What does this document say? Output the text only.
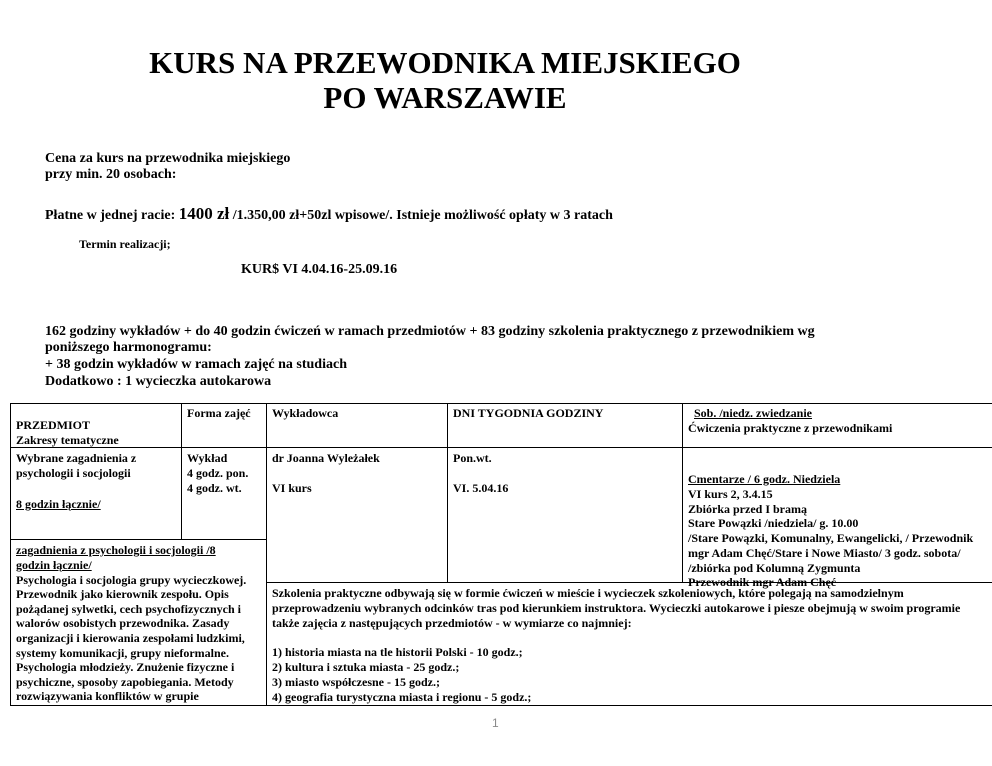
KURS NA PRZEWODNIKA MIEJSKIEGO
PO WARSZAWIE
Cena za kurs na przewodnika miejskiego
przy min. 20 osobach:
Płatne w jednej racie: 1400 zł /1.350,00 zł+50zl wpisowe/. Istnieje możliwość opłaty w 3 ratach
Termin realizacji;
KUR$ VI 4.04.16-25.09.16
162 godziny wykładów + do 40 godzin ćwiczeń w ramach przedmiotów + 83 godziny szkolenia praktycznego z przewodnikiem wg
poniższego harmonogramu:
+ 38 godzin wykładów w ramach zajęć na studiach
Dodatkowo : 1 wycieczka autokarowa
PRZEDMIOT
Zakresy tematyczne
Forma zajęć Wykładowca	DNI TYGODNIA GODZINY	Sob. /niedz. zwiedzanie
Ćwiczenia praktyczne z przewodnikami
Wybrane zagadnienia z
psychologii i socjologii
8 godzin łącznie/
Wykład
4 godz. pon.
4 godz. wt.
dr Joanna Wyleżałek
VI kurs
Pon.wt.
VI. 5.04.16
Cmentarze / 6 godz. Niedziela
VI kurs 2, 3.4.15
Zbiórka przed I bramą
Stare Powązki /niedziela/ g. 10.00
/Stare Powązki, Komunalny, Ewangelicki, / Przewodnik
mgr Adam Chęć/Stare i Nowe Miasto/ 3 godz. sobota/
/zbiórka pod Kolumną Zygmunta
Przewodnik mgr Adam Chęć
zagadnienia z psychologii i socjologii /8
godzin łącznie/
Psychologia i socjologia grupy wycieczkowej.
Przewodnik jako kierownik zespołu. Opis
pożądanej sylwetki, cech psychofizycznych i
walorów osobistych przewodnika. Zasady
organizacji i kierowania zespołami ludzkimi,
systemy komunikacji, grupy nieformalne.
Psychologia młodzieży. Znużenie fizyczne i
psychiczne, sposoby zapobiegania. Metody
rozwiązywania konfliktów w grupie
Szkolenia praktyczne odbywają się w formie ćwiczeń w mieście i wycieczek szkoleniowych, które polegają na samodzielnym
przeprowadzeniu wybranych odcinków tras pod kierunkiem instruktora. Wycieczki autokarowe i piesze obejmują w swoim programie
także zajęcia z następujących przedmiotów - w wymiarze co najmniej:
1) historia miasta na tle historii Polski - 10 godz.;
2) kultura i sztuka miasta - 25 godz.;
3) miasto współczesne - 15 godz.;
4) geografia turystyczna miasta i regionu - 5 godz.;
1
